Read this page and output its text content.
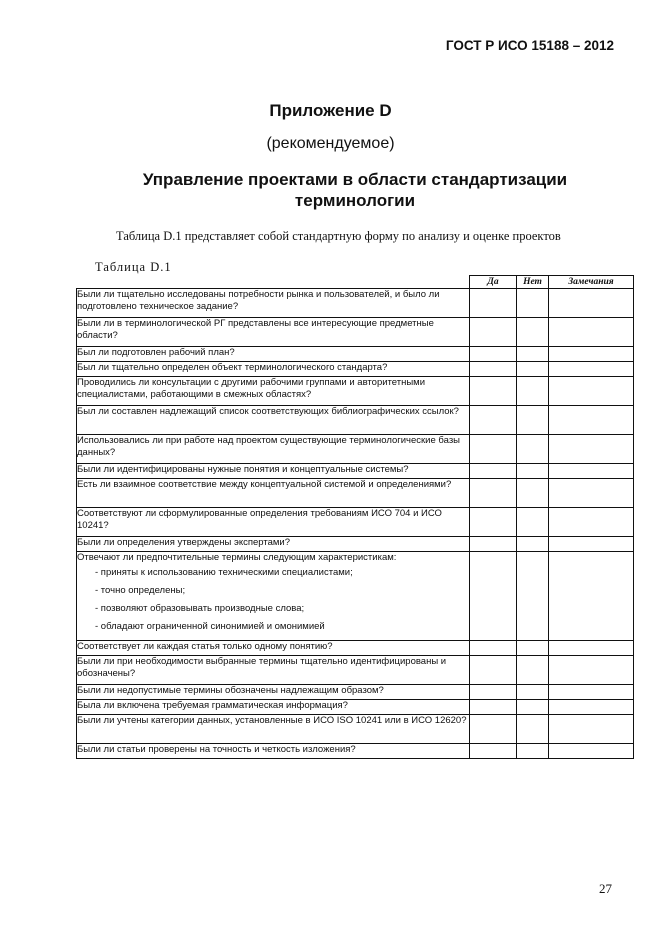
ГОСТ Р ИСО 15188 – 2012
Приложение D
(рекомендуемое)
Управление проектами в области стандартизации терминологии
Таблица D.1 представляет собой стандартную форму по анализу и оценке проектов
Таблица D.1
	Да	Нет	Замечания
Были ли тщательно исследованы потребности рынка и пользователей, и было ли подготовлено техническое задание?			
Были ли в терминологической РГ представлены все интересующие предметные области?			
Был ли подготовлен рабочий план?			
Был ли тщательно определен объект терминологического стандарта?			
Проводились ли консультации с другими рабочими группами и авторитетными специалистами, работающими в смежных областях?			
Был ли составлен надлежащий список соответствующих библиографических ссылок?			
Использовались ли при работе над проектом существующие терминологические базы данных?			
Были ли идентифицированы нужные понятия и концептуальные системы?			
Есть ли взаимное соответствие между концептуальной системой и определениями?			
Соответствуют ли сформулированные определения требованиям ИСО 704 и ИСО 10241?			
Были ли определения утверждены экспертами?			
Отвечают ли предпочтительные термины следующим характеристикам:
- приняты к использованию техническими специалистами;
- точно определены;
- позволяют образовывать производные слова;
- обладают ограниченной синонимией и омонимией			

Соответствует ли каждая статья только одному понятию?			
Были ли при необходимости выбранные термины тщательно идентифицированы и обозначены?			
Были ли недопустимые термины обозначены надлежащим образом?			
Была ли включена требуемая грамматическая информация?			
Были ли учтены категории данных, установленные в ИСО ISO 10241 или в ИСО 12620?			
Были ли статьи проверены на точность и четкость изложения?			
27
